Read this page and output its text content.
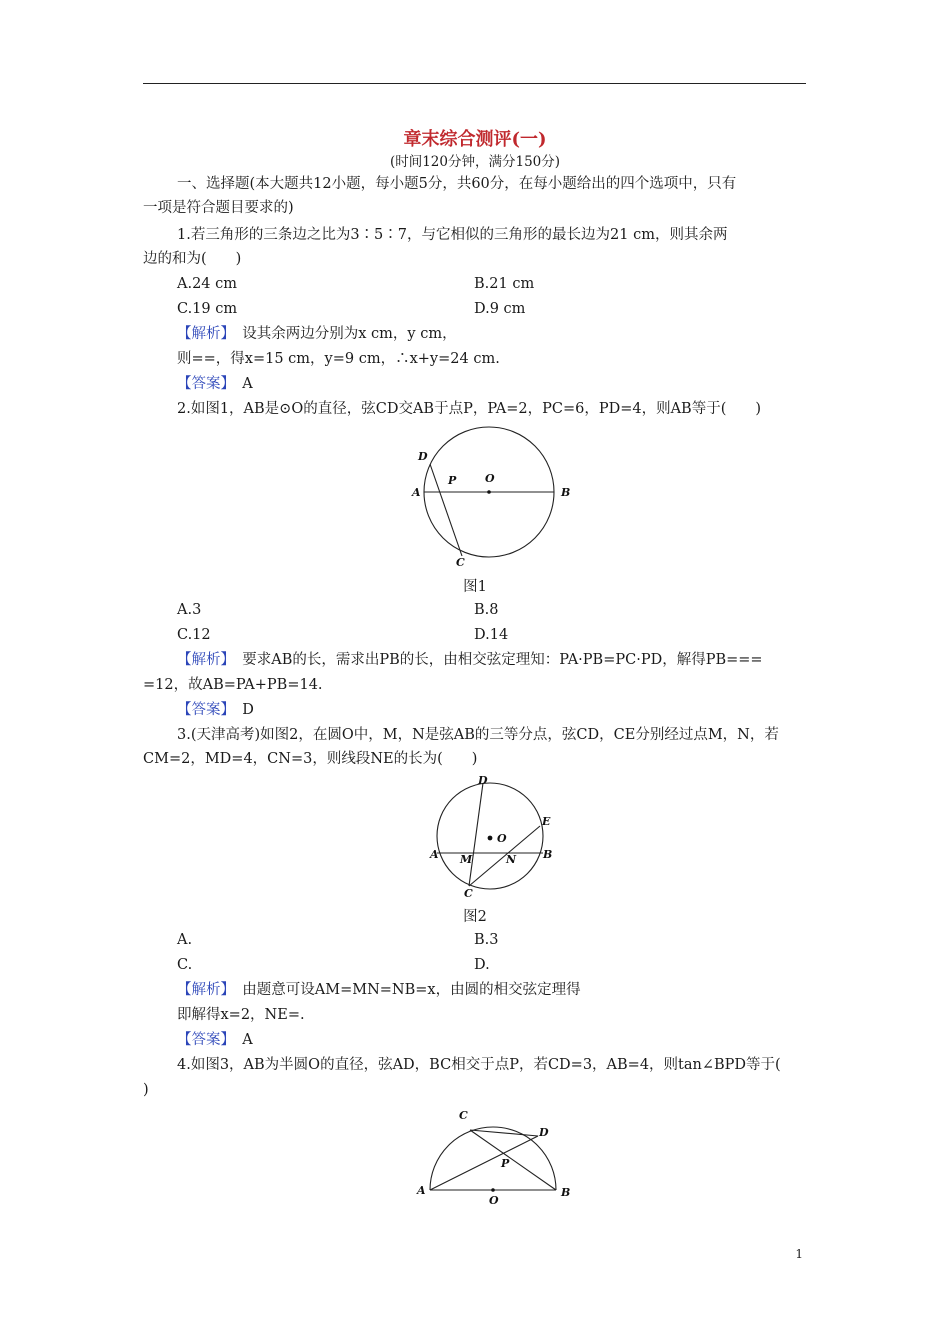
章末综合测评(一)
(时间120分钟，满分150分)
一、选择题(本大题共12小题，每小题5分，共60分，在每小题给出的四个选项中，只有
一项是符合题目要求的)
1.若三角形的三条边之比为3∶5∶7，与它相似的三角形的最长边为21 cm，则其余两
边的和为(　　)
A.24 cm	B.21 cm
C.19 cm	D.9 cm
【解析】　 设其余两边分别为x cm，y cm，
则==，得x=15 cm，y=9 cm，∴x+y=24 cm.
【答案】　 A
2.如图1，AB是⊙O的直径，弦CD交AB于点P，PA=2，PC=6，PD=4，则AB等于(　　)
D
P	O
A	B
C
图1
A.3	B.8
C.12	D.14
【解析】　 要求AB的长，需求出PB的长，由相交弦定理知：PA·PB=PC·PD，解得PB===
=12，故AB=PA+PB=14.
【答案】　 D
3.(天津高考)如图2，在圆O中，M，N是弦AB的三等分点，弦CD，CE分别经过点M，N，若
CM=2，MD=4，CN=3，则线段NE的长为(　　)
D
O
E
A M	N B
C
图2
A.	B.3
C.	D.
【解析】　 由题意可设AM=MN=NB=x，由圆的相交弦定理得
即解得x=2，NE=.
【答案】　 A
4.如图3，AB为半圆O的直径，弦AD，BC相交于点P，若CD=3，AB=4，则tan∠BPD等于(
)
C
D
P
A
O
B
1
